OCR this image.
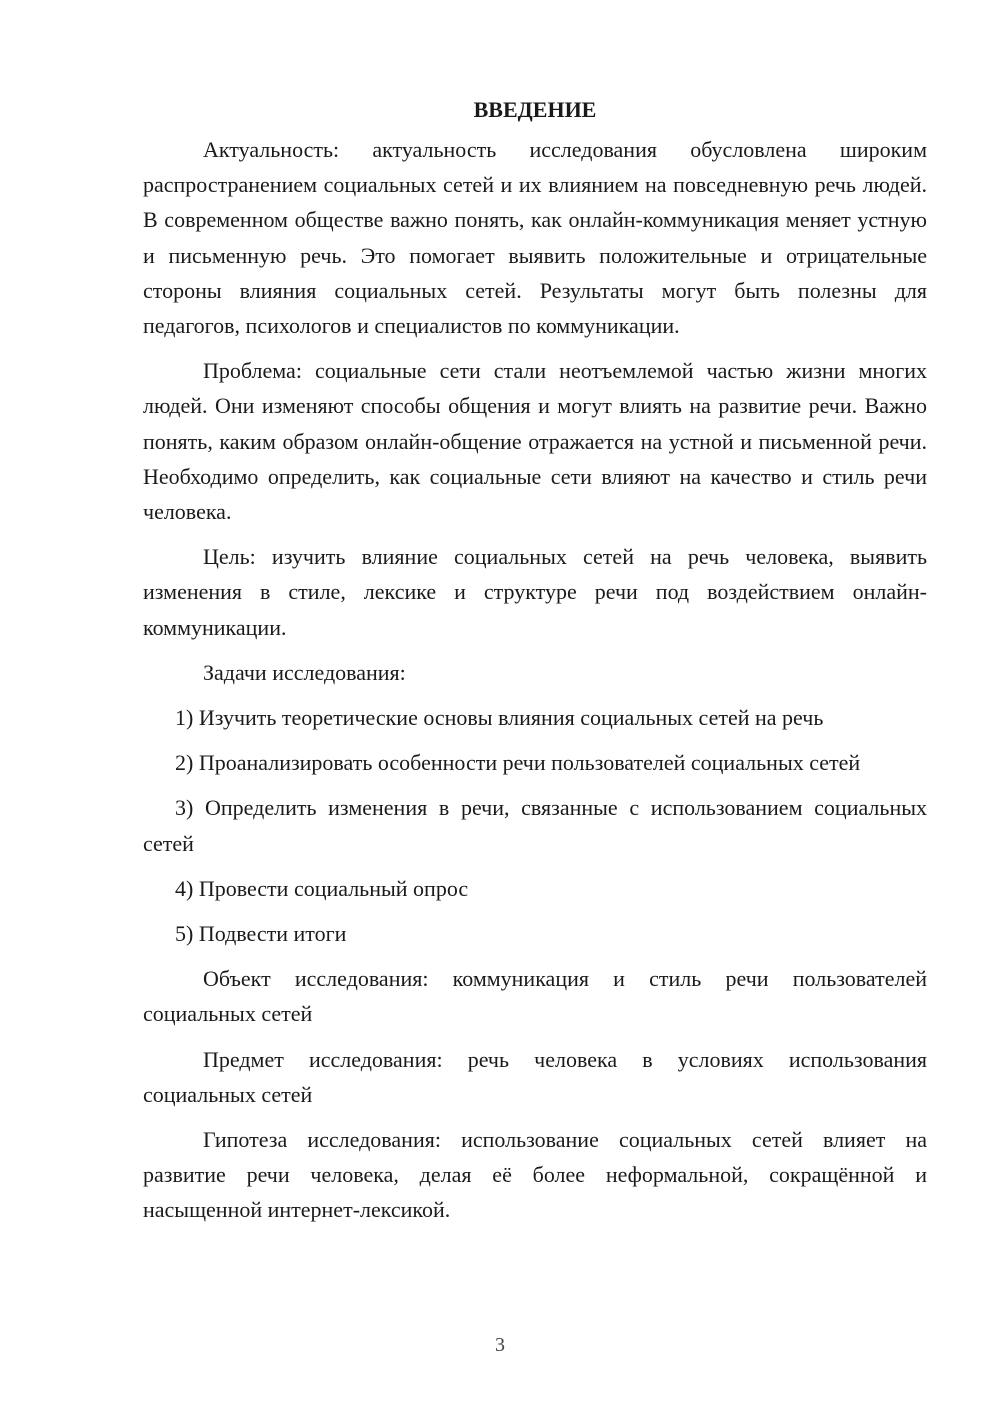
ВВЕДЕНИЕ

Актуальность: актуальность исследования обусловлена широким распространением социальных сетей и их влиянием на повседневную речь людей. В современном обществе важно понять, как онлайн-коммуникация меняет устную и письменную речь. Это помогает выявить положительные и отрицательные стороны влияния социальных сетей. Результаты могут быть полезны для педагогов, психологов и специалистов по коммуникации.

Проблема: социальные сети стали неотъемлемой частью жизни многих людей. Они изменяют способы общения и могут влиять на развитие речи. Важно понять, каким образом онлайн-общение отражается на устной и письменной речи. Необходимо определить, как социальные сети влияют на качество и стиль речи человека.

Цель: изучить влияние социальных сетей на речь человека, выявить изменения в стиле, лексике и структуре речи под воздействием онлайн-коммуникации.

Задачи исследования:

1) Изучить теоретические основы влияния социальных сетей на речь

2) Проанализировать особенности речи пользователей социальных сетей

3) Определить изменения в речи, связанные с использованием социальных сетей

4) Провести социальный опрос

5) Подвести итоги

Объект исследования: коммуникация и стиль речи пользователей социальных сетей

Предмет исследования: речь человека в условиях использования социальных сетей

Гипотеза исследования: использование социальных сетей влияет на развитие речи человека, делая её более неформальной, сокращённой и насыщенной интернет-лексикой.

3
